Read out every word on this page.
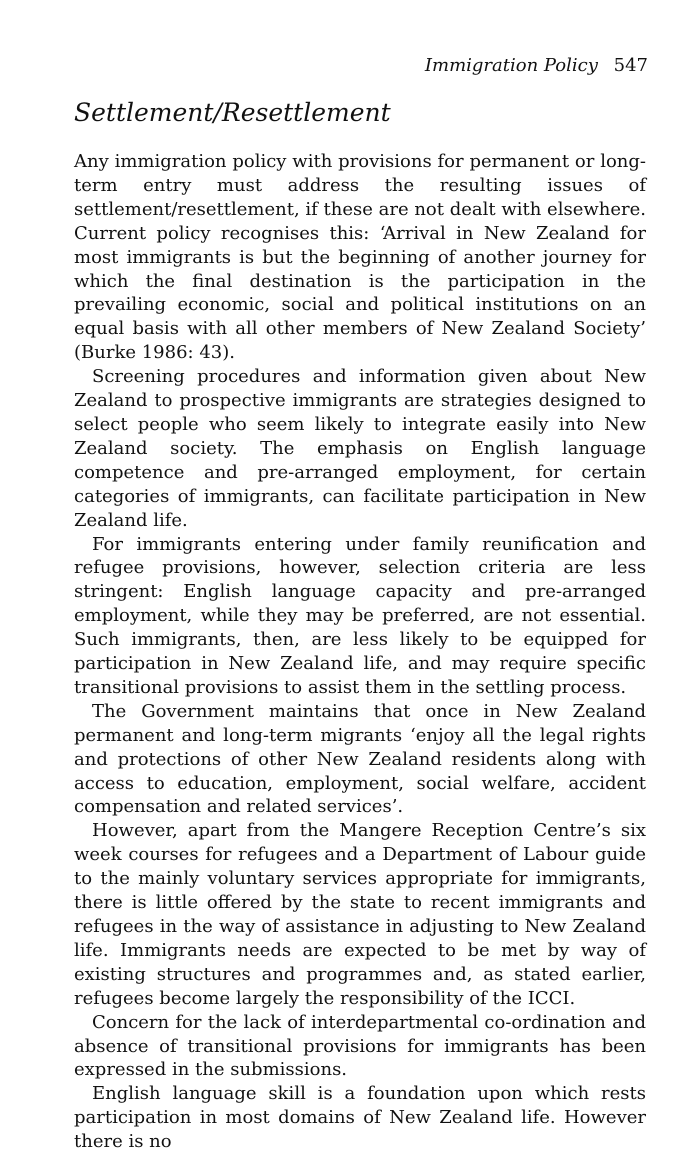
Immigration Policy 547
Settlement/Resettlement

Any immigration policy with provisions for permanent or long-term entry must address the resulting issues of settlement/resettlement, if these are not dealt with elsewhere. Current policy recognises this: ‘Arrival in New Zealand for most immigrants is but the beginning of another journey for which the final destination is the participation in the prevailing economic, social and political institutions on an equal basis with all other members of New Zealand Society’ (Burke 1986: 43).

Screening procedures and information given about New Zealand to prospective immigrants are strategies designed to select people who seem likely to integrate easily into New Zealand society. The emphasis on English language competence and pre-arranged employment, for certain categories of immigrants, can facilitate participation in New Zealand life.

For immigrants entering under family reunification and refugee provisions, however, selection criteria are less stringent: English language capacity and pre-arranged employment, while they may be preferred, are not essential. Such immigrants, then, are less likely to be equipped for participation in New Zealand life, and may require specific transitional provisions to assist them in the settling process.

The Government maintains that once in New Zealand permanent and long-term migrants ‘enjoy all the legal rights and protections of other New Zealand residents along with access to education, employment, social welfare, accident compensation and related services’.

However, apart from the Mangere Reception Centre’s six week courses for refugees and a Department of Labour guide to the mainly voluntary services appropriate for immigrants, there is little offered by the state to recent immigrants and refugees in the way of assistance in adjusting to New Zealand life. Immigrants needs are expected to be met by way of existing structures and programmes and, as stated earlier, refugees become largely the responsibility of the ICCI.

Concern for the lack of interdepartmental co-ordination and absence of transitional provisions for immigrants has been expressed in the submissions.

English language skill is a foundation upon which rests participation in most domains of New Zealand life. However there is no
